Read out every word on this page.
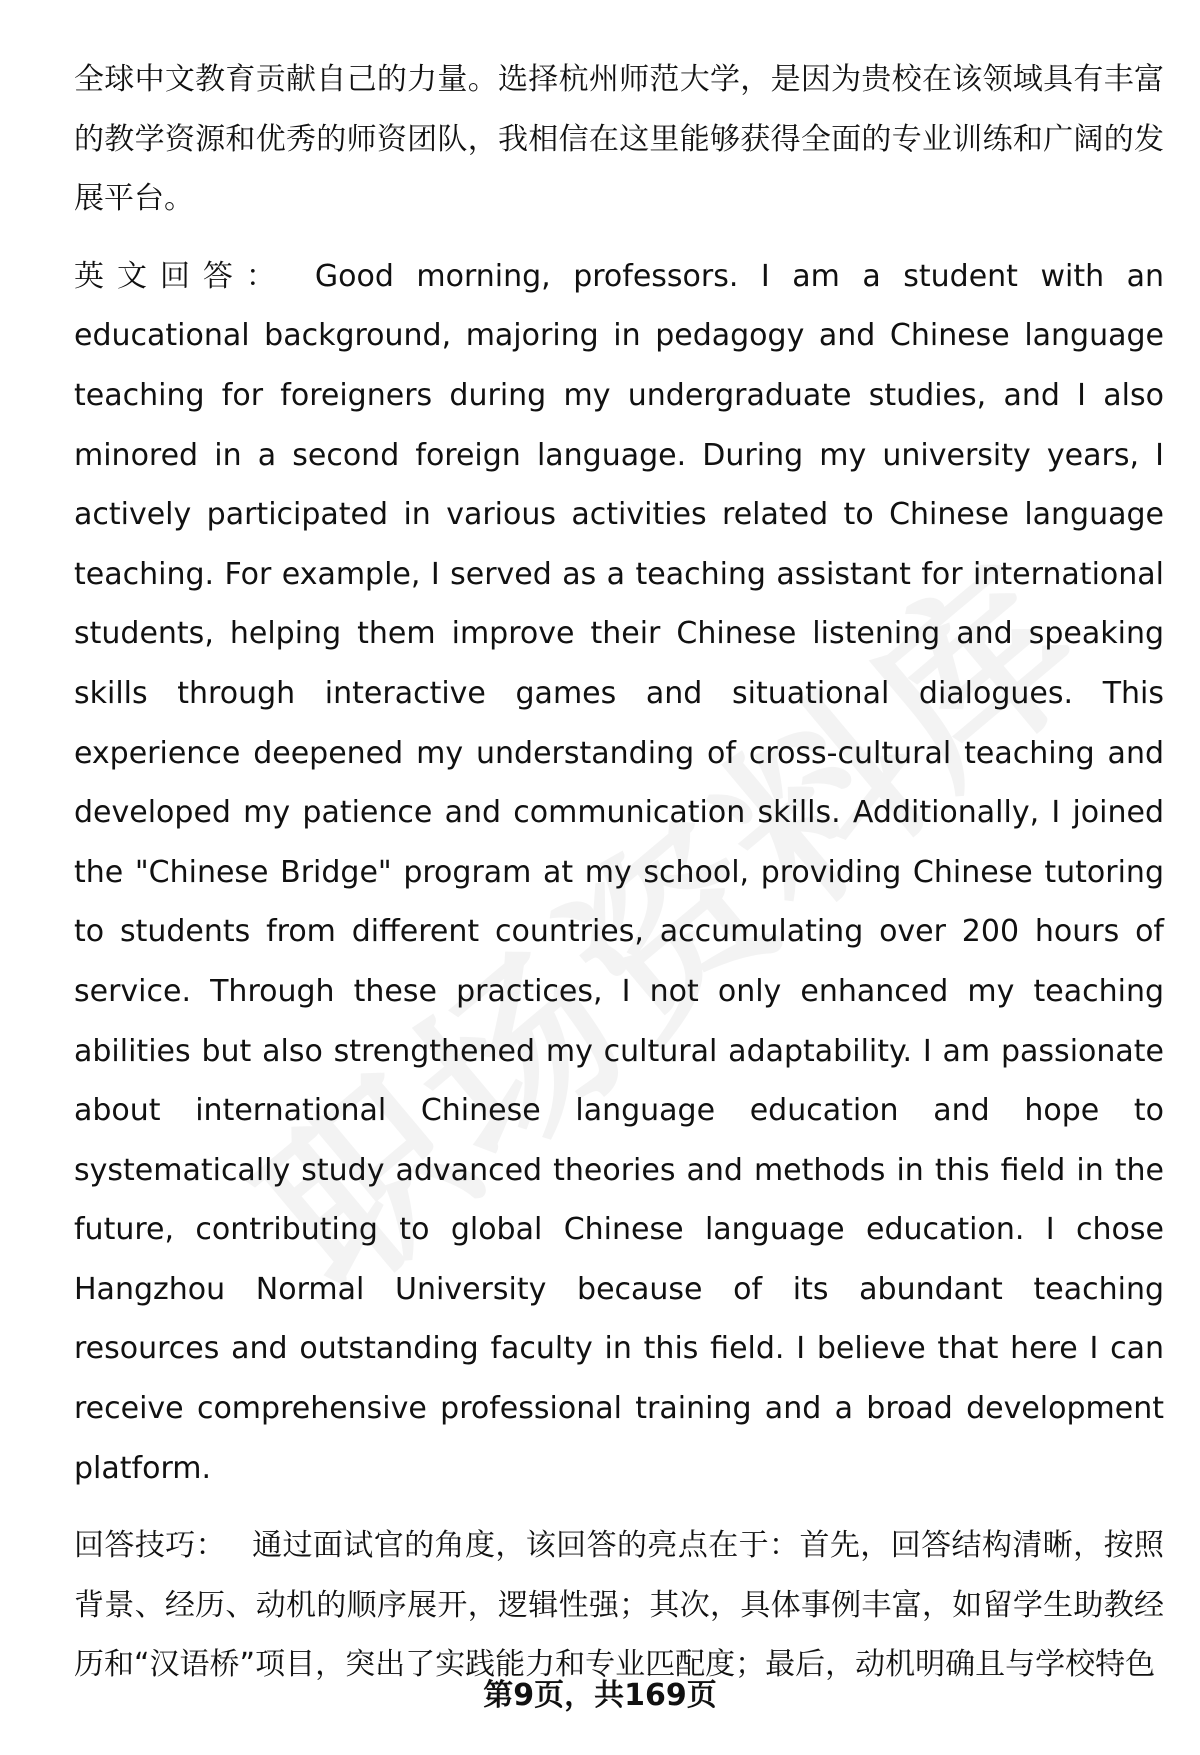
全球中文教育贡献自己的力量。选择杭州师范大学，是因为贵校在该领域具有丰富的教学资源和优秀的师资团队，我相信在这里能够获得全面的专业训练和广阔的发展平台。

英文回答： Good morning, professors. I am a student with an educational background, majoring in pedagogy and Chinese language teaching for foreigners during my undergraduate studies, and I also minored in a second foreign language. During my university years, I actively participated in various activities related to Chinese language teaching. For example, I served as a teaching assistant for international students, helping them improve their Chinese listening and speaking skills through interactive games and situational dialogues. This experience deepened my understanding of cross-cultural teaching and developed my patience and communication skills. Additionally, I joined the "Chinese Bridge" program at my school, providing Chinese tutoring to students from different countries, accumulating over 200 hours of service. Through these practices, I not only enhanced my teaching abilities but also strengthened my cultural adaptability. I am passionate about international Chinese language education and hope to systematically study advanced theories and methods in this field in the future, contributing to global Chinese language education. I chose Hangzhou Normal University because of its abundant teaching resources and outstanding faculty in this field. I believe that here I can receive comprehensive professional training and a broad development platform.

回答技巧： 通过面试官的角度，该回答的亮点在于：首先，回答结构清晰，按照背景、经历、动机的顺序展开，逻辑性强；其次，具体事例丰富，如留学生助教经历和“汉语桥”项目，突出了实践能力和专业匹配度；最后，动机明确且与学校特色

第9页，共169页
